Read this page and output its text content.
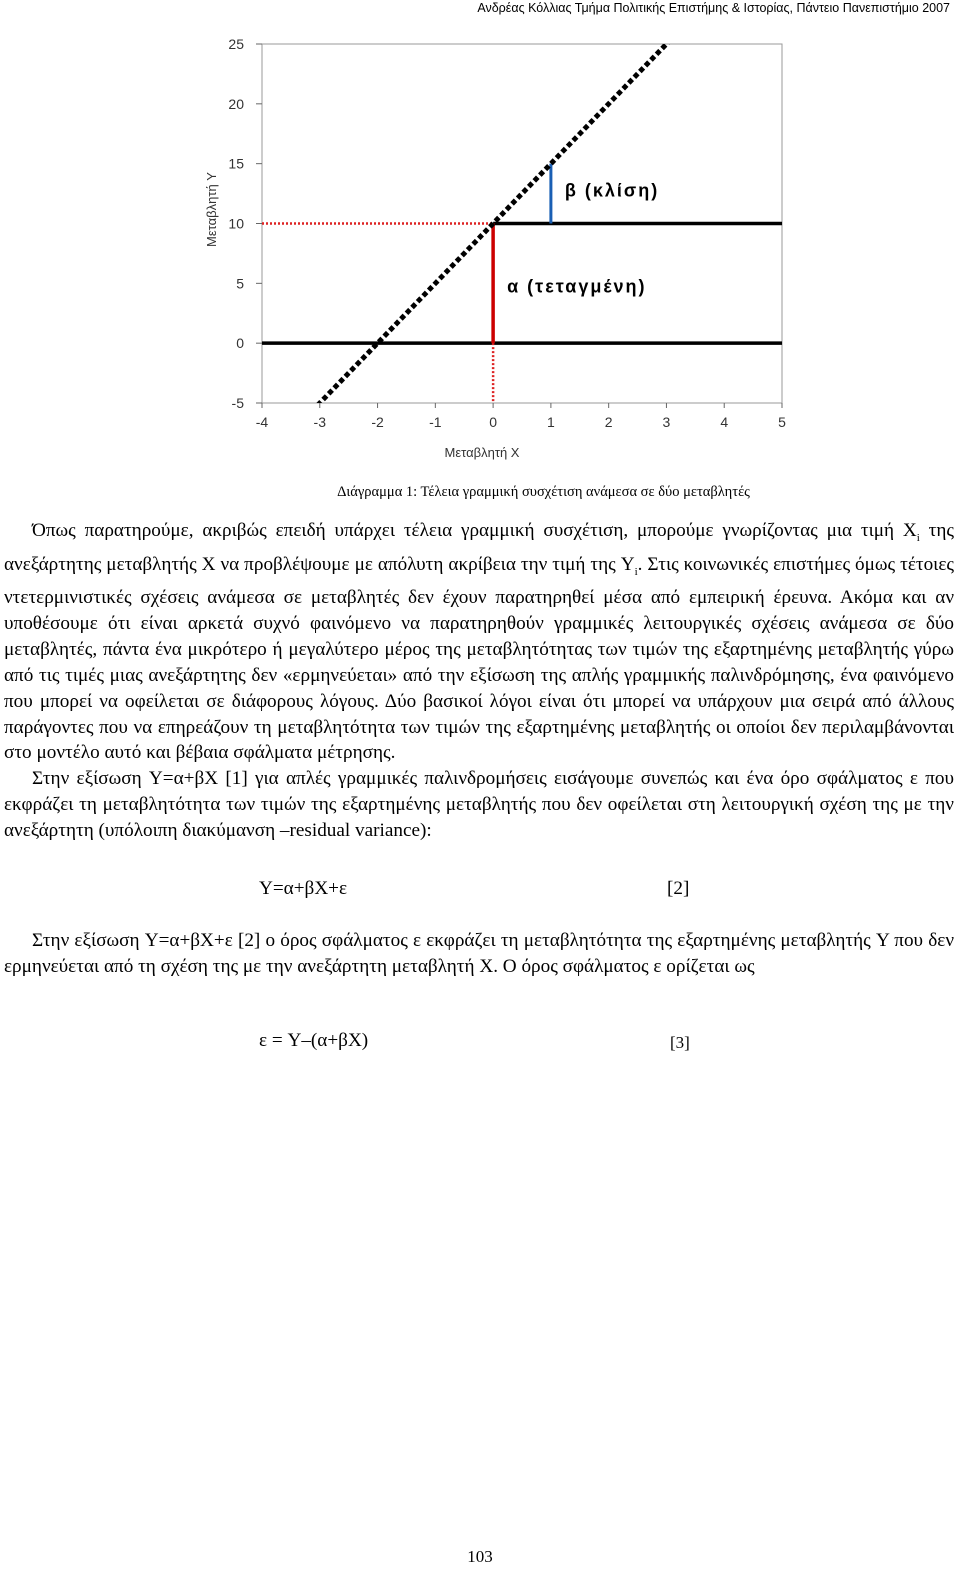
Ανδρέας Κόλλιας Τμήμα Πολιτικής Επιστήμης & Ιστορίας, Πάντειο Πανεπιστήμιο 2007
-5
0
5
10
15
20
25
-4	-3	-2	-1	0	1	2	3	4	5
Μεταβλητή X
Μεταβλητή Y	β (κλίση)
α (τεταγμένη)
Διάγραμμα 1: Τέλεια γραμμική συσχέτιση ανάμεσα σε δύο μεταβλητές

Όπως παρατηρούμε, ακριβώς επειδή υπάρχει τέλεια γραμμική συσχέτιση, μπορούμε γνωρίζοντας μια τιμή $X_i$ της ανεξάρτητης μεταβλητής X να προβλέψουμε με απόλυτη ακρίβεια την τιμή της $Y_i$. Στις κοινωνικές επιστήμες όμως τέτοιες ντετερμινιστικές σχέσεις ανάμεσα σε μεταβλητές δεν έχουν παρατηρηθεί μέσα από εμπειρική έρευνα. Ακόμα και αν υποθέσουμε ότι είναι αρκετά συχνό φαινόμενο να παρατηρηθούν γραμμικές λειτουργικές σχέσεις ανάμεσα σε δύο μεταβλητές, πάντα ένα μικρότερο ή μεγαλύτερο μέρος της μεταβλητότητας των τιμών της εξαρτημένης μεταβλητής γύρω από τις τιμές μιας ανεξάρτητης δεν «ερμηνεύεται» από την εξίσωση της απλής γραμμικής παλινδρόμησης, ένα φαινόμενο που μπορεί να οφείλεται σε διάφορους λόγους. Δύο βασικοί λόγοι είναι ότι μπορεί να υπάρχουν μια σειρά από άλλους παράγοντες που να επηρεάζουν τη μεταβλητότητα των τιμών της εξαρτημένης μεταβλητής οι οποίοι δεν περιλαμβάνονται στο μοντέλο αυτό και βέβαια σφάλματα μέτρησης.

Στην εξίσωση Y=α+βX [1] για απλές γραμμικές παλινδρομήσεις εισάγουμε συνεπώς και ένα όρο σφάλματος ε που εκφράζει τη μεταβλητότητα των τιμών της εξαρτημένης μεταβλητής που δεν οφείλεται στη λειτουργική σχέση της με την ανεξάρτητη (υπόλοιπη διακύμανση –residual variance):

Y=α+βX+ε	[2]

Στην εξίσωση Y=α+βX+ε [2] ο όρος σφάλματος ε εκφράζει τη μεταβλητότητα της εξαρτημένης μεταβλητής Y που δεν ερμηνεύεται από τη σχέση της με την ανεξάρτητη μεταβλητή X. Ο όρος σφάλματος ε ορίζεται ως

ε = Y–(α+βX)	[3]
103
